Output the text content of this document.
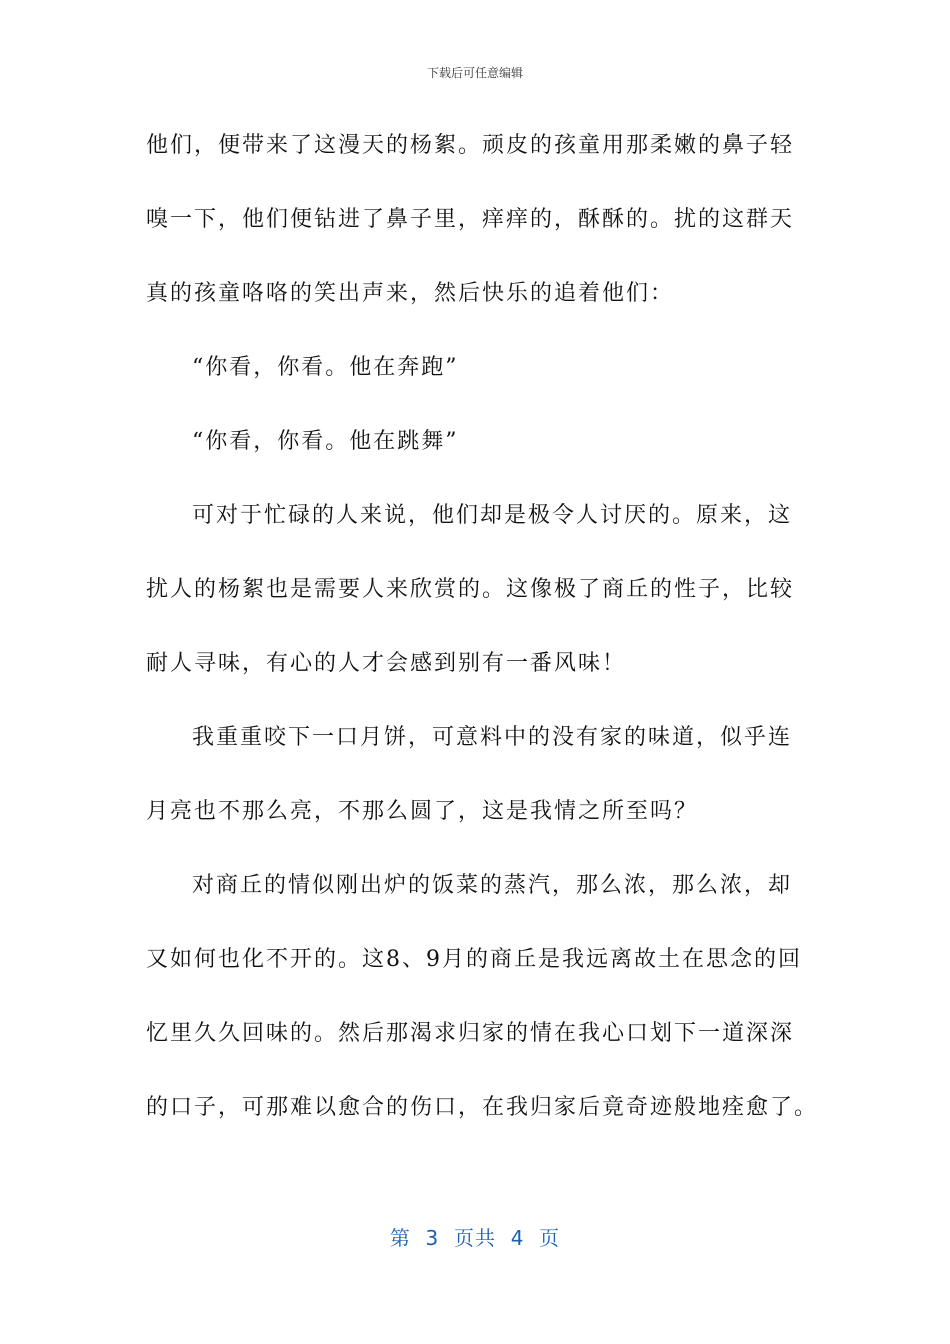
下载后可任意编辑
他们，便带来了这漫天的杨絮。顽皮的孩童用那柔嫩的鼻子轻
嗅一下，他们便钻进了鼻子里，痒痒的，酥酥的。扰的这群天
真的孩童咯咯的笑出声来，然后快乐的追着他们：
“你看，你看。他在奔跑”
“你看，你看。他在跳舞”
可对于忙碌的人来说，他们却是极令人讨厌的。原来，这
扰人的杨絮也是需要人来欣赏的。这像极了商丘的性子，比较
耐人寻味，有心的人才会感到别有一番风味！
我重重咬下一口月饼，可意料中的没有家的味道，似乎连
月亮也不那么亮，不那么圆了，这是我情之所至吗？
对商丘的情似刚出炉的饭菜的蒸汽，那么浓，那么浓，却
又如何也化不开的。这8、9月的商丘是我远离故土在思念的回
忆里久久回味的。然后那渴求归家的情在我心口划下一道深深
的口子，可那难以愈合的伤口，在我归家后竟奇迹般地痊愈了。
第  3  页共  4  页
